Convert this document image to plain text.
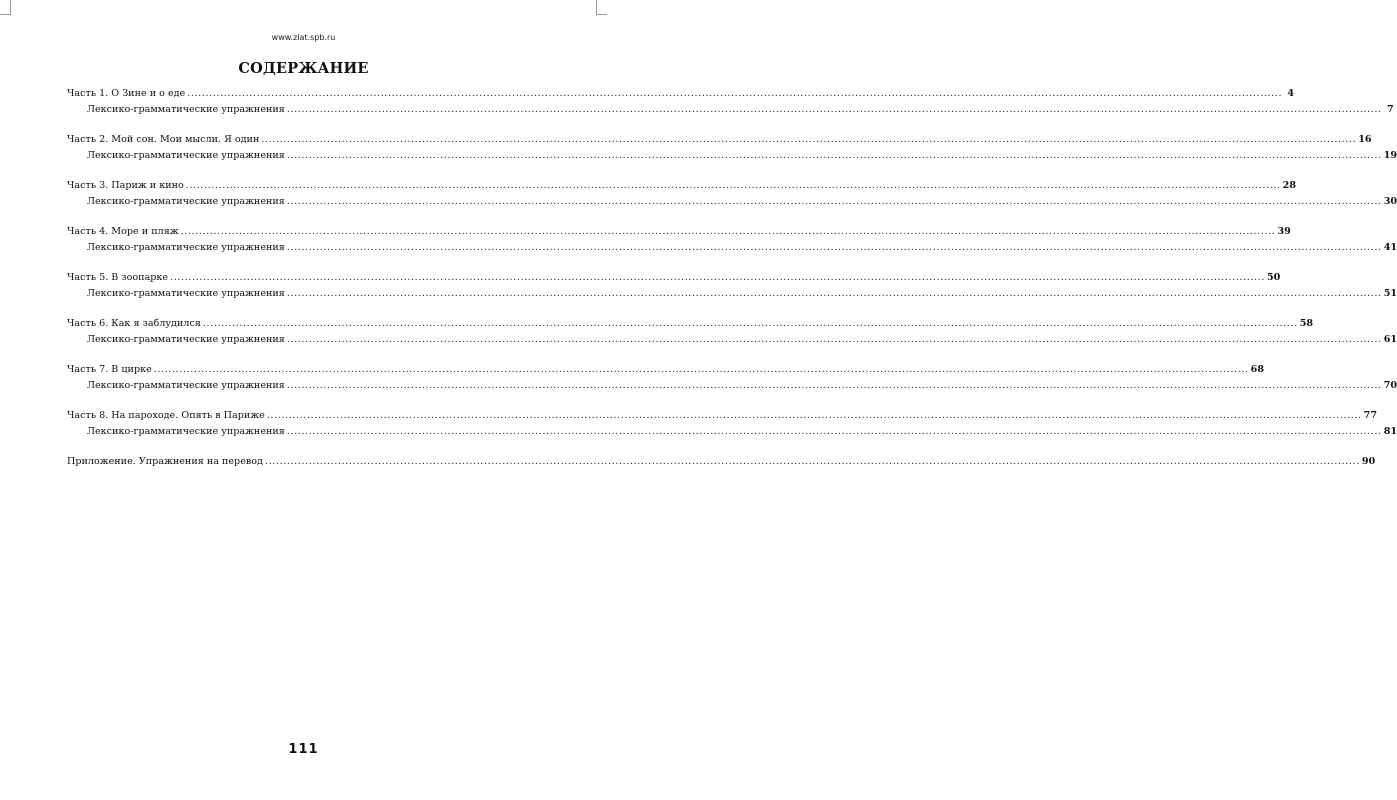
www.zlat.spb.ru
СОДЕРЖАНИЕ
Часть 1. О Зине и о еде ............................................................................................................................................................................................................................................................................................................ 4
Лексико-грамматические упражнения ............................................................................................................................................................................................................................................................................................................ 7
Часть 2. Мой сон. Мои мысли. Я один ............................................................................................................................................................................................................................................................................................................ 16
Лексико-грамматические упражнения ............................................................................................................................................................................................................................................................................................................ 19
Часть 3. Париж и кино ............................................................................................................................................................................................................................................................................................................ 28
Лексико-грамматические упражнения ............................................................................................................................................................................................................................................................................................................ 30
Часть 4. Море и пляж ............................................................................................................................................................................................................................................................................................................ 39
Лексико-грамматические упражнения ............................................................................................................................................................................................................................................................................................................ 41
Часть 5. В зоопарке ............................................................................................................................................................................................................................................................................................................ 50
Лексико-грамматические упражнения ............................................................................................................................................................................................................................................................................................................ 51
Часть 6. Как я заблудился ............................................................................................................................................................................................................................................................................................................ 58
Лексико-грамматические упражнения ............................................................................................................................................................................................................................................................................................................ 61
Часть 7. В цирке ............................................................................................................................................................................................................................................................................................................ 68
Лексико-грамматические упражнения ............................................................................................................................................................................................................................................................................................................ 70
Часть 8. На пароходе. Опять в Париже ............................................................................................................................................................................................................................................................................................................ 77
Лексико-грамматические упражнения ............................................................................................................................................................................................................................................................................................................ 81
Приложение. Упражнения на перевод ............................................................................................................................................................................................................................................................................................................ 90
111
